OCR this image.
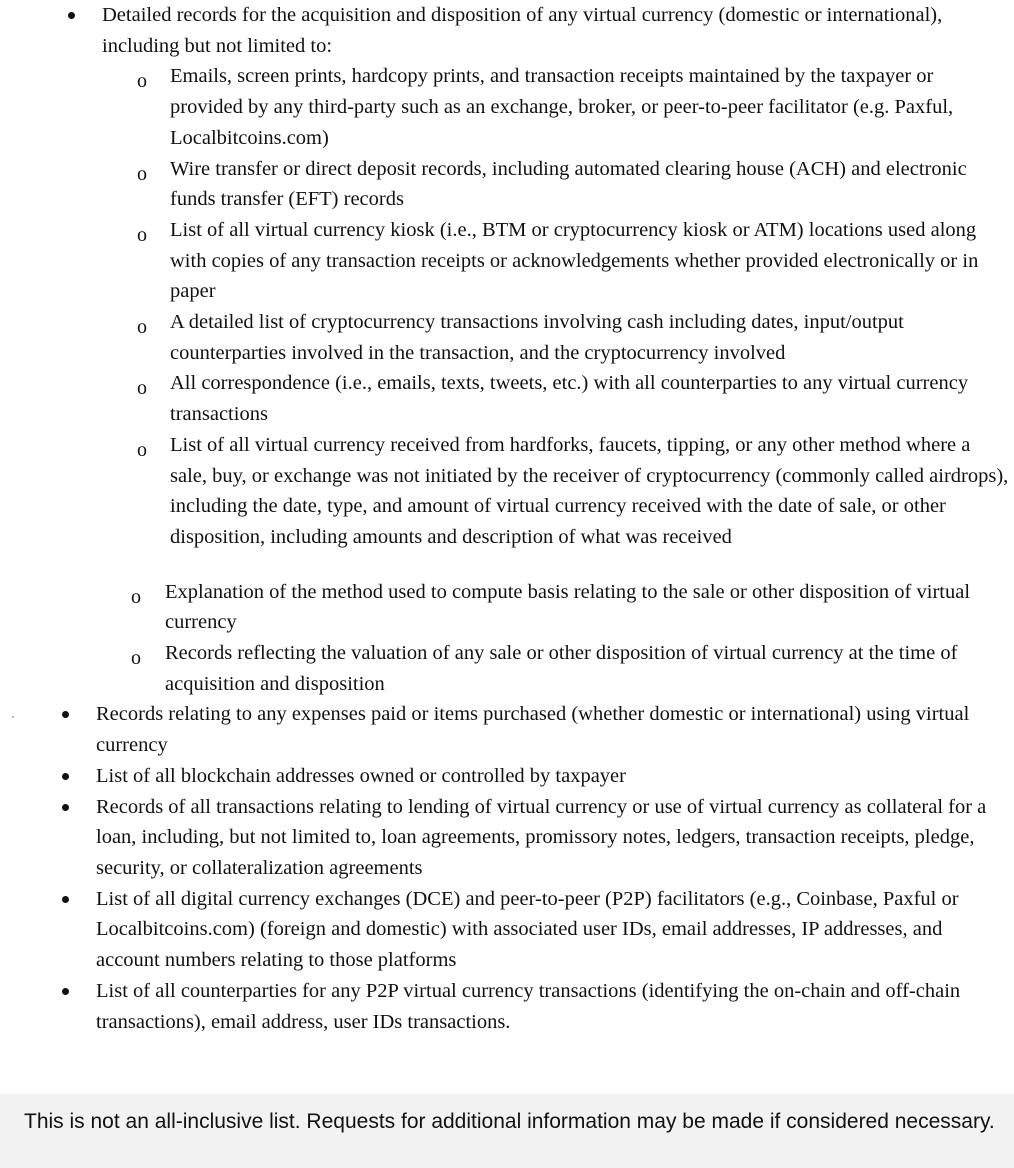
Detailed records for the acquisition and disposition of any virtual currency (domestic or international), including but not limited to:
o Emails, screen prints, hardcopy prints, and transaction receipts maintained by the taxpayer or provided by any third-party such as an exchange, broker, or peer-to-peer facilitator (e.g. Paxful, Localbitcoins.com)
o Wire transfer or direct deposit records, including automated clearing house (ACH) and electronic funds transfer (EFT) records
o List of all virtual currency kiosk (i.e., BTM or cryptocurrency kiosk or ATM) locations used along with copies of any transaction receipts or acknowledgements whether provided electronically or in paper
o A detailed list of cryptocurrency transactions involving cash including dates, input/output counterparties involved in the transaction, and the cryptocurrency involved
o All correspondence (i.e., emails, texts, tweets, etc.) with all counterparties to any virtual currency transactions
o List of all virtual currency received from hardforks, faucets, tipping, or any other method where a sale, buy, or exchange was not initiated by the receiver of cryptocurrency (commonly called airdrops), including the date, type, and amount of virtual currency received with the date of sale, or other disposition, including amounts and description of what was received
o Explanation of the method used to compute basis relating to the sale or other disposition of virtual currency
o Records reflecting the valuation of any sale or other disposition of virtual currency at the time of acquisition and disposition
Records relating to any expenses paid or items purchased (whether domestic or international) using virtual currency
List of all blockchain addresses owned or controlled by taxpayer
Records of all transactions relating to lending of virtual currency or use of virtual currency as collateral for a loan, including, but not limited to, loan agreements, promissory notes, ledgers, transaction receipts, pledge, security, or collateralization agreements
List of all digital currency exchanges (DCE) and peer-to-peer (P2P) facilitators (e.g., Coinbase, Paxful or Localbitcoins.com) (foreign and domestic) with associated user IDs, email addresses, IP addresses, and account numbers relating to those platforms
List of all counterparties for any P2P virtual currency transactions (identifying the on-chain and off-chain transactions), email address, user IDs transactions.

This is not an all-inclusive list. Requests for additional information may be made if considered necessary.
